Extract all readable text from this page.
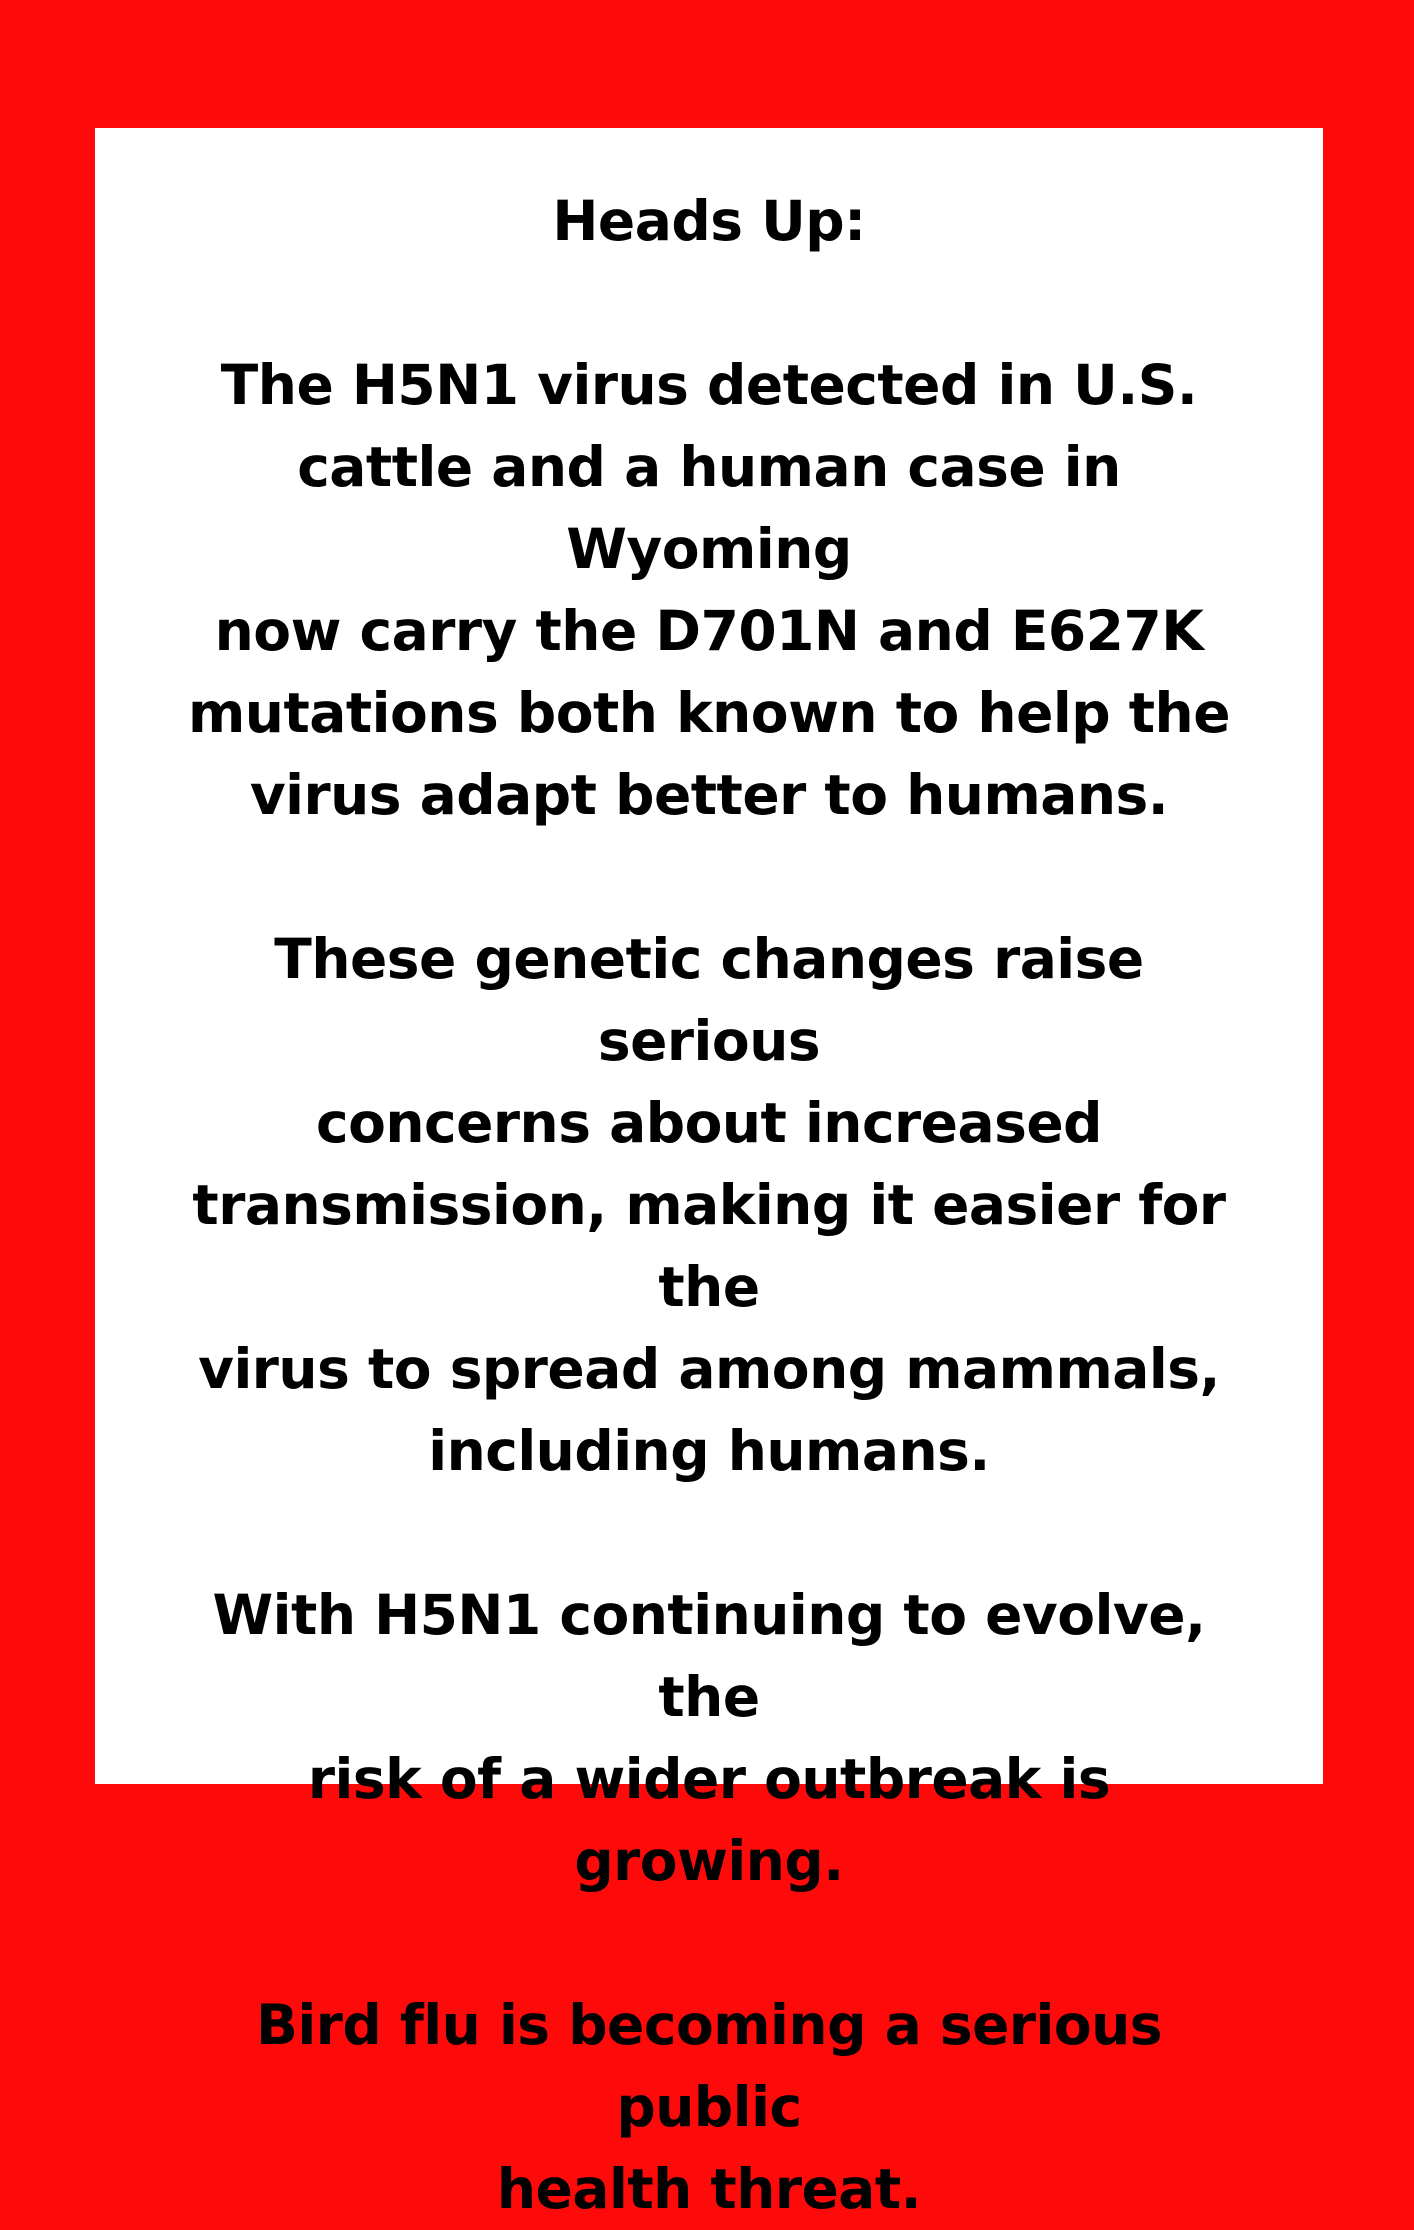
Heads Up:

The H5N1 virus detected in U.S.
cattle and a human case in Wyoming
now carry the D701N and E627K
mutations both known to help the
virus adapt better to humans.

These genetic changes raise serious
concerns about increased
transmission, making it easier for the
virus to spread among mammals,
including humans.

With H5N1 continuing to evolve, the
risk of a wider outbreak is growing.

Bird flu is becoming a serious public
health threat.
